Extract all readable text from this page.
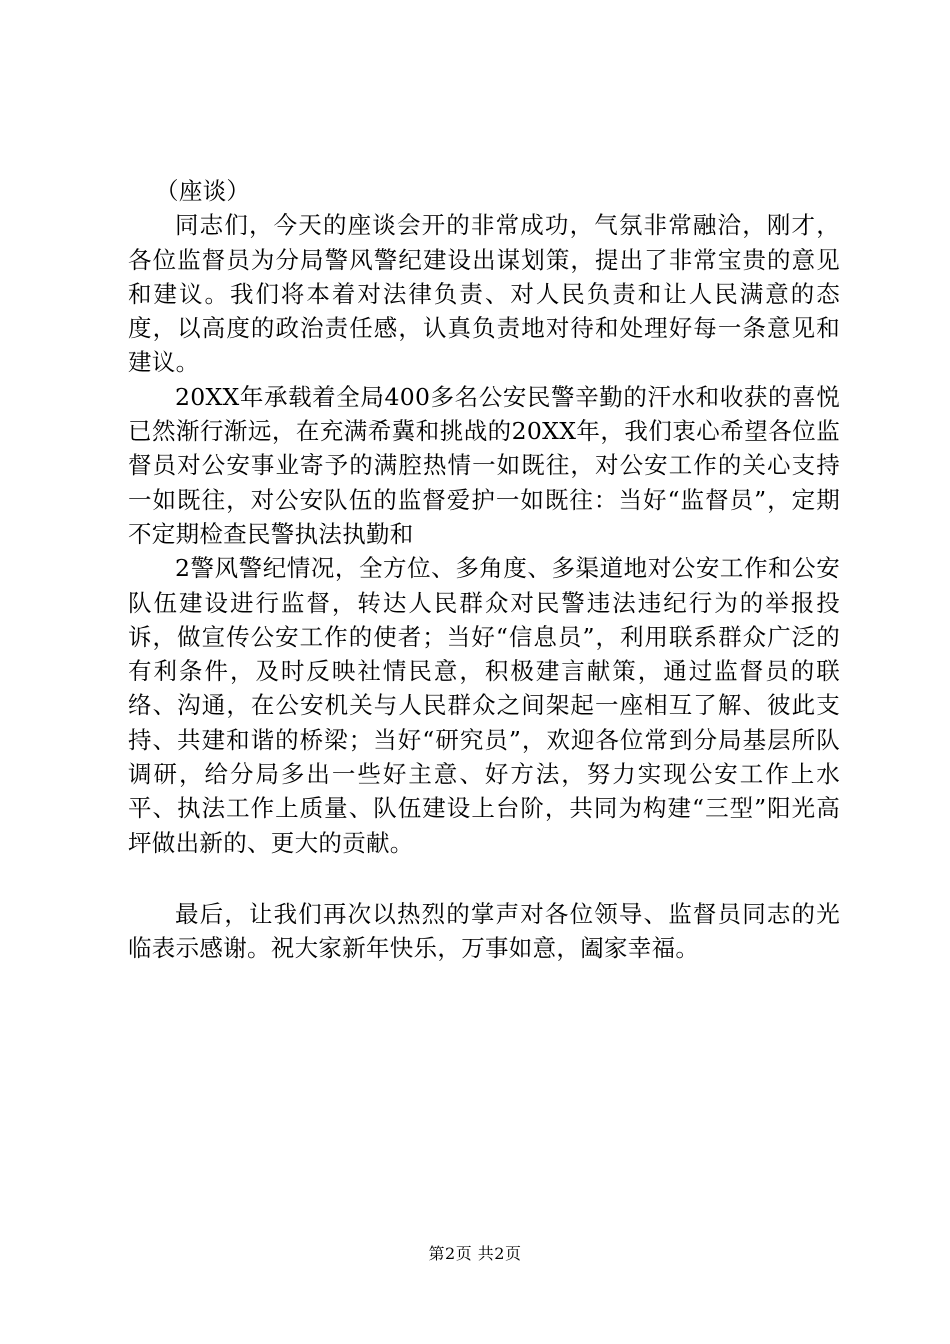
（座谈）

同志们，今天的座谈会开的非常成功，气氛非常融洽，刚才，各位监督员为分局警风警纪建设出谋划策，提出了非常宝贵的意见和建议。我们将本着对法律负责、对人民负责和让人民满意的态度，以高度的政治责任感，认真负责地对待和处理好每一条意见和建议。

20XX年承载着全局400多名公安民警辛勤的汗水和收获的喜悦已然渐行渐远，在充满希冀和挑战的20XX年，我们衷心希望各位监督员对公安事业寄予的满腔热情一如既往，对公安工作的关心支持一如既往，对公安队伍的监督爱护一如既往：当好“监督员”，定期不定期检查民警执法执勤和

2警风警纪情况，全方位、多角度、多渠道地对公安工作和公安队伍建设进行监督，转达人民群众对民警违法违纪行为的举报投诉，做宣传公安工作的使者；当好“信息员”，利用联系群众广泛的有利条件，及时反映社情民意，积极建言献策，通过监督员的联络、沟通，在公安机关与人民群众之间架起一座相互了解、彼此支持、共建和谐的桥梁；当好“研究员”，欢迎各位常到分局基层所队调研，给分局多出一些好主意、好方法，努力实现公安工作上水平、执法工作上质量、队伍建设上台阶，共同为构建“三型”阳光高坪做出新的、更大的贡献。

最后，让我们再次以热烈的掌声对各位领导、监督员同志的光临表示感谢。祝大家新年快乐，万事如意，阖家幸福。

第2页 共2页
